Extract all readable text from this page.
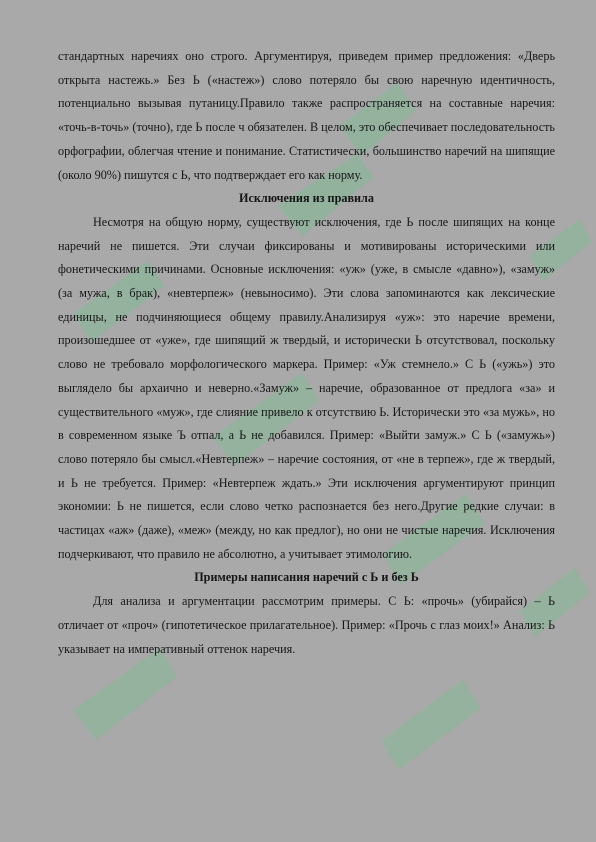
стандартных наречиях оно строго. Аргументируя, приведем пример предложения: «Дверь открыта настежь.» Без Ь («настеж») слово потеряло бы свою наречную идентичность, потенциально вызывая путаницу.Правило также распространяется на составные наречия: «точь-в-точь» (точно), где Ь после ч обязателен. В целом, это обеспечивает последовательность орфографии, облегчая чтение и понимание. Статистически, большинство наречий на шипящие (около 90%) пишутся с Ь, что подтверждает его как норму.

Исключения из правила

Несмотря на общую норму, существуют исключения, где Ь после шипящих на конце наречий не пишется. Эти случаи фиксированы и мотивированы историческими или фонетическими причинами. Основные исключения: «уж» (уже, в смысле «давно»), «замуж» (за мужа, в брак), «невтерпеж» (невыносимо). Эти слова запоминаются как лексические единицы, не подчиняющиеся общему правилу.Анализируя «уж»: это наречие времени, произошедшее от «уже», где шипящий ж твердый, и исторически Ь отсутствовал, поскольку слово не требовало морфологического маркера. Пример: «Уж стемнело.» С Ь («ужь») это выглядело бы архаично и неверно.«Замуж» – наречие, образованное от предлога «за» и существительного «муж», где слияние привело к отсутствию Ь. Исторически это «за мужь», но в современном языке Ъ отпал, а Ь не добавился. Пример: «Выйти замуж.» С Ь («замужь») слово потеряло бы смысл.«Невтерпеж» – наречие состояния, от «не в терпеж», где ж твердый, и Ь не требуется. Пример: «Невтерпеж ждать.» Эти исключения аргументируют принцип экономии: Ь не пишется, если слово четко распознается без него.Другие редкие случаи: в частицах «аж» (даже), «меж» (между, но как предлог), но они не чистые наречия. Исключения подчеркивают, что правило не абсолютно, а учитывает этимологию.

Примеры написания наречий с Ь и без Ь

Для анализа и аргументации рассмотрим примеры. С Ь: «прочь» (убирайся) – Ь отличает от «проч» (гипотетическое прилагательное). Пример: «Прочь с глаз моих!» Анализ: Ь указывает на императивный оттенок наречия.
